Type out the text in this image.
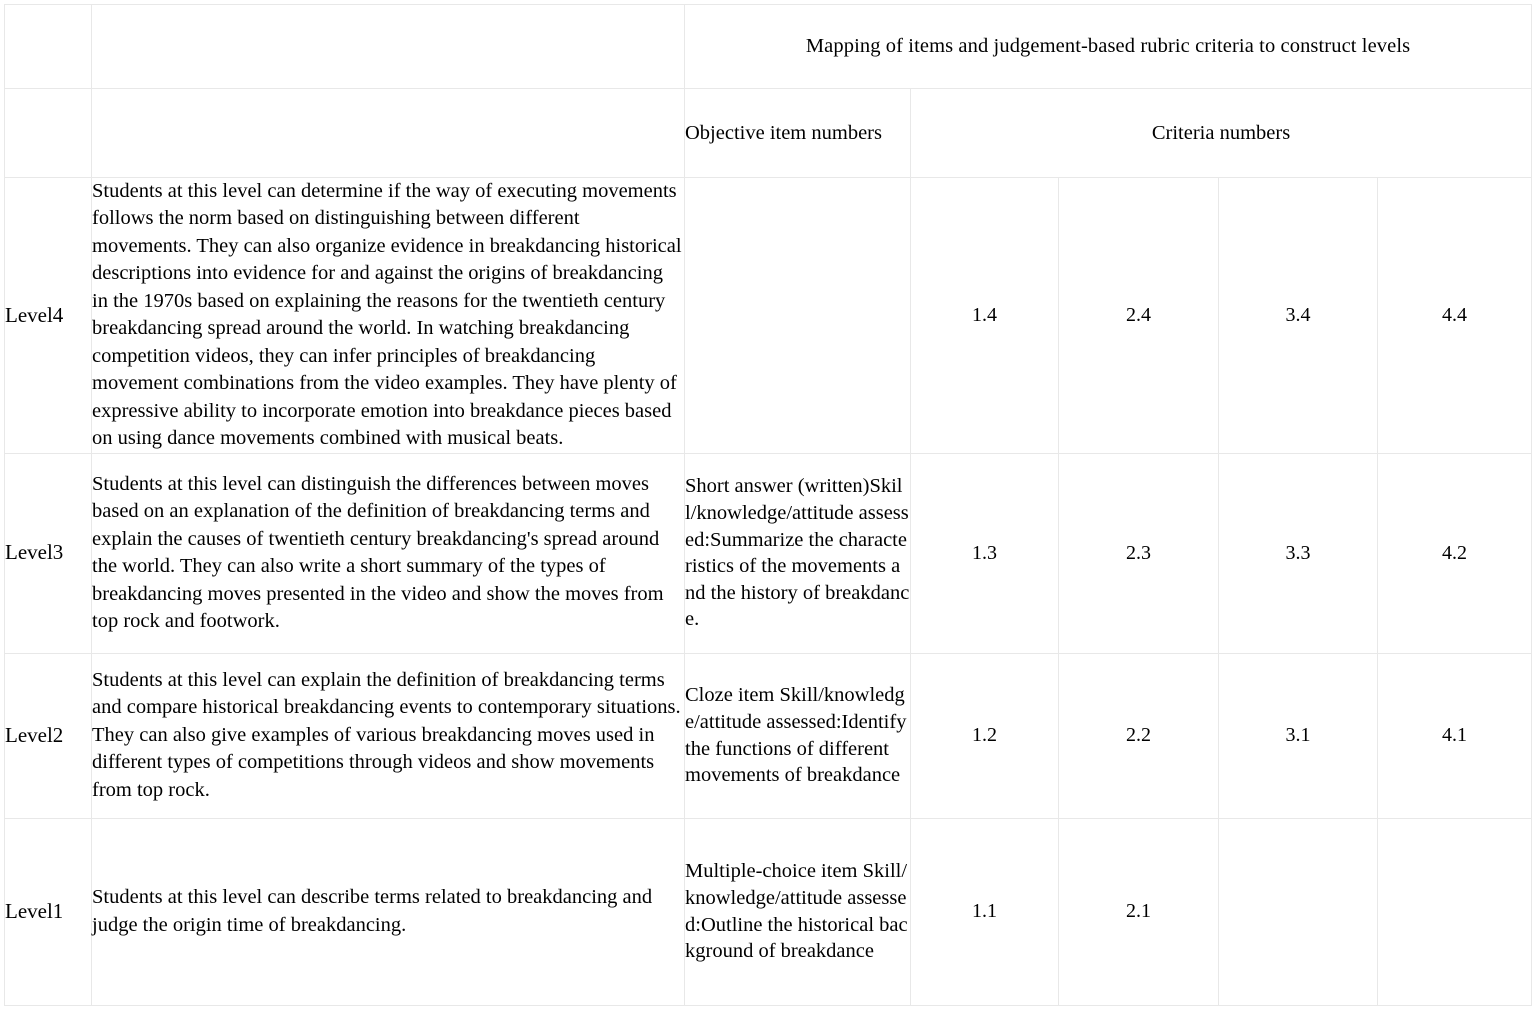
		Mapping of items and judgement-based rubric criteria to construct levels				
		Objective item numbers	Criteria numbers			
Level4	Students at this level can determine if the way of executing movements follows the norm based on distinguishing between different movements. They can also organize evidence in breakdancing historical descriptions into evidence for and against the origins of breakdancing in the 1970s based on explaining the reasons for the twentieth century breakdancing spread around the world. In watching breakdancing competition videos, they can infer principles of breakdancing movement combinations from the video examples. They have plenty of expressive ability to incorporate emotion into breakdance pieces based on using dance movements combined with musical beats.		1.4	2.4	3.4	4.4
Level3	Students at this level can distinguish the differences between moves based on an explanation of the definition of breakdancing terms and explain the causes of twentieth century breakdancing's spread around the world. They can also write a short summary of the types of breakdancing moves presented in the video and show the moves from top rock and footwork.	Short answer (written)Skill/knowledge/attitude assessed:Summarize the characteristics of the movements and the history of breakdance.	1.3	2.3	3.3	4.2
Level2	Students at this level can explain the definition of breakdancing terms and compare historical breakdancing events to contemporary situations. They can also give examples of various breakdancing moves used in different types of competitions through videos and show movements from top rock.	Cloze item Skill/knowledge/attitude assessed:Identify the functions of different movements of breakdance	1.2	2.2	3.1	4.1
Level1	Students at this level can describe terms related to breakdancing and judge the origin time of breakdancing.	Multiple-choice item Skill/knowledge/attitude assessed:Outline the historical background of breakdance	1.1	2.1		
